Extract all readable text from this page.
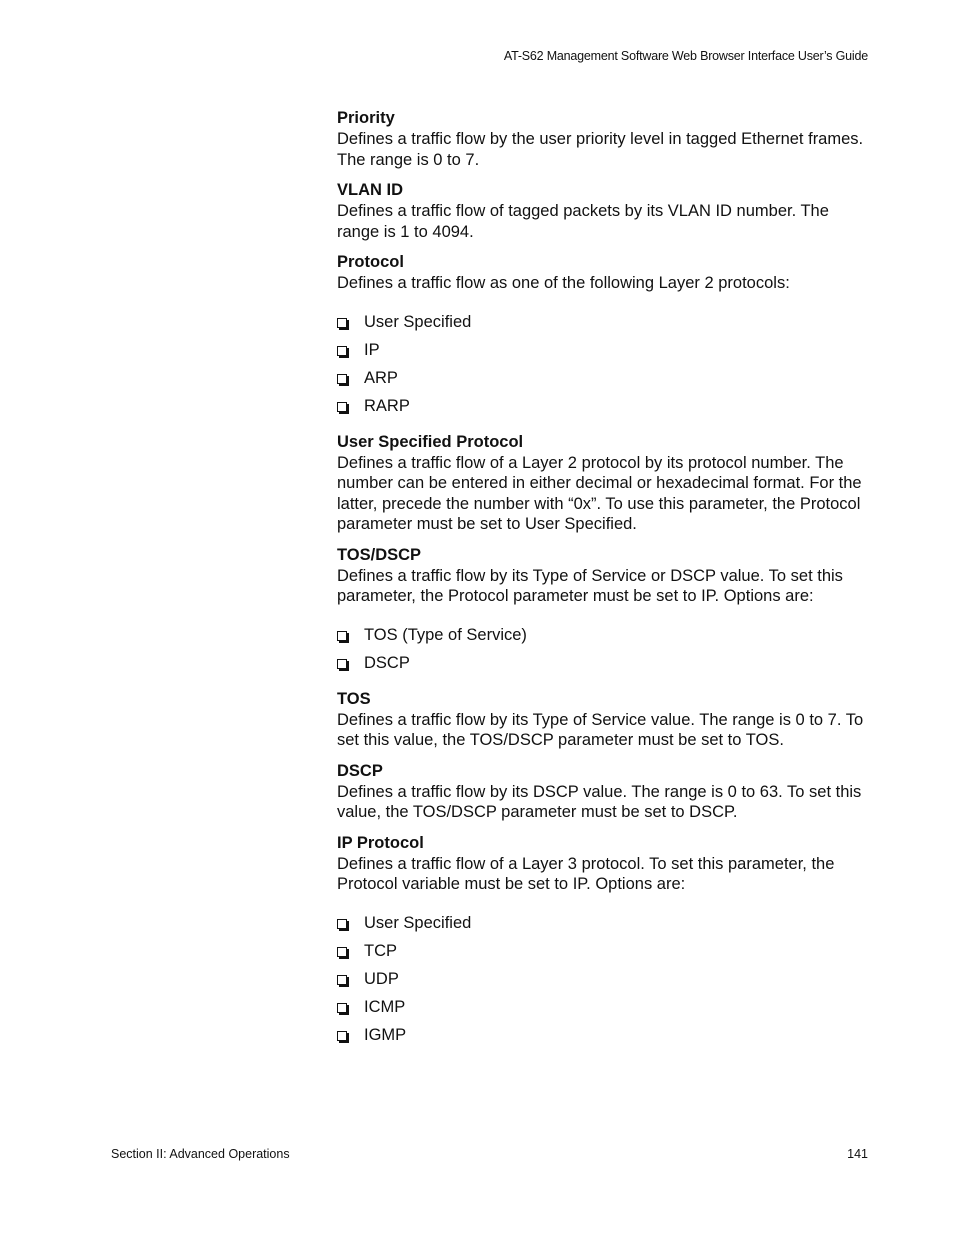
AT-S62 Management Software Web Browser Interface User’s Guide

Priority

Defines a traffic flow by the user priority level in tagged Ethernet frames. The range is 0 to 7.

VLAN ID

Defines a traffic flow of tagged packets by its VLAN ID number. The range is 1 to 4094.

Protocol

Defines a traffic flow as one of the following Layer 2 protocols:

User Specified
IP
ARP
RARP

User Specified Protocol

Defines a traffic flow of a Layer 2 protocol by its protocol number. The number can be entered in either decimal or hexadecimal format. For the latter, precede the number with “0x”. To use this parameter, the Protocol parameter must be set to User Specified.

TOS/DSCP

Defines a traffic flow by its Type of Service or DSCP value. To set this parameter, the Protocol parameter must be set to IP. Options are:

TOS (Type of Service)
DSCP

TOS

Defines a traffic flow by its Type of Service value. The range is 0 to 7. To set this value, the TOS/DSCP parameter must be set to TOS.

DSCP

Defines a traffic flow by its DSCP value. The range is 0 to 63. To set this value, the TOS/DSCP parameter must be set to DSCP.

IP Protocol

Defines a traffic flow of a Layer 3 protocol. To set this parameter, the Protocol variable must be set to IP. Options are:

User Specified
TCP
UDP
ICMP
IGMP
Section II: Advanced Operations	141
